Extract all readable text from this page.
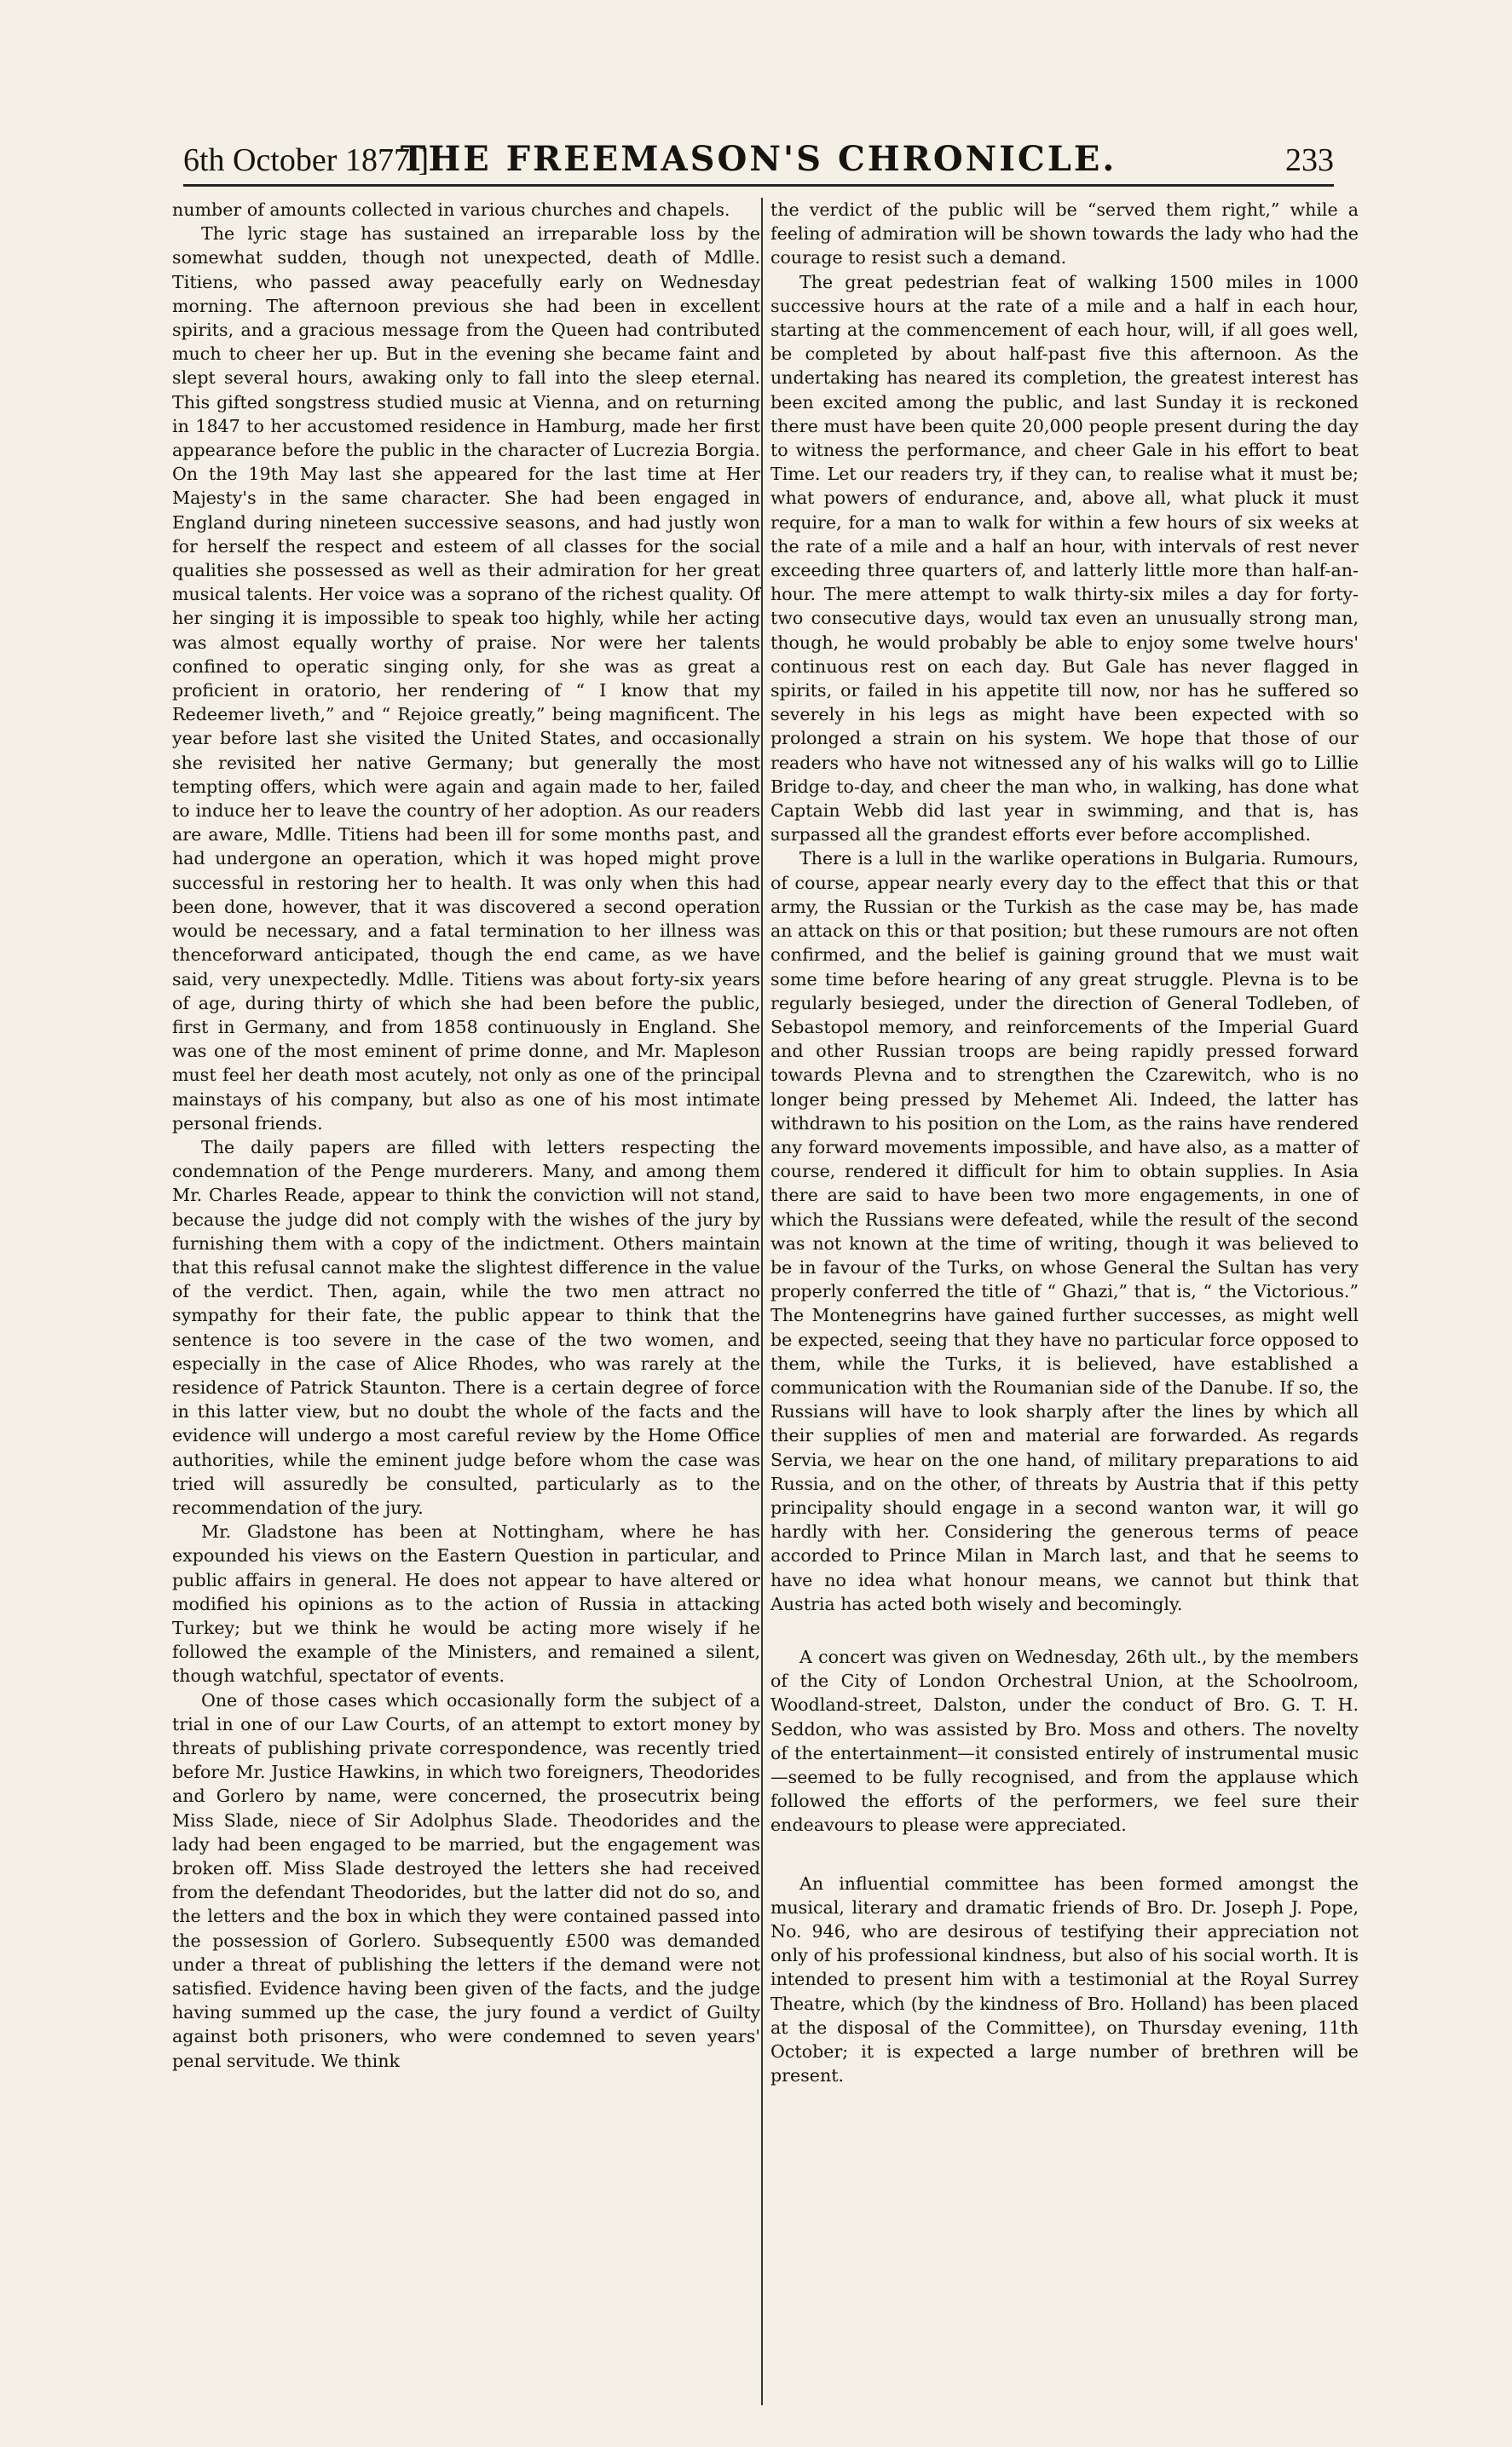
6th October 1877.]
THE FREEMASON'S CHRONICLE.	233

number of amounts collected in various churches and chapels.

The lyric stage has sustained an irreparable loss by the somewhat sudden, though not unexpected, death of Mdlle. Titiens, who passed away peacefully early on Wednesday morning. The afternoon previous she had been in excellent spirits, and a gracious message from the Queen had contributed much to cheer her up. But in the evening she became faint and slept several hours, awaking only to fall into the sleep eternal. This gifted songstress studied music at Vienna, and on returning in 1847 to her accustomed residence in Hamburg, made her first appearance before the public in the character of Lucrezia Borgia. On the 19th May last she appeared for the last time at Her Majesty's in the same character. She had been engaged in England during nineteen successive seasons, and had justly won for herself the respect and esteem of all classes for the social qualities she possessed as well as their admiration for her great musical talents. Her voice was a soprano of the richest quality. Of her singing it is impossible to speak too highly, while her acting was almost equally worthy of praise. Nor were her talents confined to operatic singing only, for she was as great a proficient in oratorio, her rendering of “ I know that my Redeemer liveth,” and “ Rejoice greatly,” being magnificent. The year before last she visited the United States, and occasionally she revisited her native Germany; but generally the most tempting offers, which were again and again made to her, failed to induce her to leave the country of her adoption. As our readers are aware, Mdlle. Titiens had been ill for some months past, and had undergone an operation, which it was hoped might prove successful in restoring her to health. It was only when this had been done, however, that it was discovered a second operation would be necessary, and a fatal termination to her illness was thenceforward anticipated, though the end came, as we have said, very unexpectedly. Mdlle. Titiens was about forty-six years of age, during thirty of which she had been before the public, first in Germany, and from 1858 continuously in England. She was one of the most eminent of prime donne, and Mr. Mapleson must feel her death most acutely, not only as one of the principal mainstays of his company, but also as one of his most intimate personal friends.

The daily papers are filled with letters respecting the condemnation of the Penge murderers. Many, and among them Mr. Charles Reade, appear to think the conviction will not stand, because the judge did not comply with the wishes of the jury by furnishing them with a copy of the indictment. Others maintain that this refusal cannot make the slightest difference in the value of the verdict. Then, again, while the two men attract no sympathy for their fate, the public appear to think that the sentence is too severe in the case of the two women, and especially in the case of Alice Rhodes, who was rarely at the residence of Patrick Staunton. There is a certain degree of force in this latter view, but no doubt the whole of the facts and the evidence will undergo a most careful review by the Home Office authorities, while the eminent judge before whom the case was tried will assuredly be consulted, particularly as to the recommendation of the jury.

Mr. Gladstone has been at Nottingham, where he has expounded his views on the Eastern Question in particular, and public affairs in general. He does not appear to have altered or modified his opinions as to the action of Russia in attacking Turkey; but we think he would be acting more wisely if he followed the example of the Ministers, and remained a silent, though watchful, spectator of events.

One of those cases which occasionally form the subject of a trial in one of our Law Courts, of an attempt to extort money by threats of publishing private correspondence, was recently tried before Mr. Justice Hawkins, in which two foreigners, Theodorides and Gorlero by name, were concerned, the prosecutrix being Miss Slade, niece of Sir Adolphus Slade. Theodorides and the lady had been engaged to be married, but the engagement was broken off. Miss Slade destroyed the letters she had received from the defendant Theodorides, but the latter did not do so, and the letters and the box in which they were contained passed into the possession of Gorlero. Subsequently £500 was demanded under a threat of publishing the letters if the demand were not satisfied. Evidence having been given of the facts, and the judge having summed up the case, the jury found a verdict of Guilty against both prisoners, who were condemned to seven years' penal servitude. We think

the verdict of the public will be “served them right,” while a feeling of admiration will be shown towards the lady who had the courage to resist such a demand.

The great pedestrian feat of walking 1500 miles in 1000 successive hours at the rate of a mile and a half in each hour, starting at the commencement of each hour, will, if all goes well, be completed by about half-past five this afternoon. As the undertaking has neared its completion, the greatest interest has been excited among the public, and last Sunday it is reckoned there must have been quite 20,000 people present during the day to witness the performance, and cheer Gale in his effort to beat Time. Let our readers try, if they can, to realise what it must be; what powers of endurance, and, above all, what pluck it must require, for a man to walk for within a few hours of six weeks at the rate of a mile and a half an hour, with intervals of rest never exceeding three quarters of, and latterly little more than half-an-hour. The mere attempt to walk thirty-six miles a day for forty-two consecutive days, would tax even an unusually strong man, though, he would probably be able to enjoy some twelve hours' continuous rest on each day. But Gale has never flagged in spirits, or failed in his appetite till now, nor has he suffered so severely in his legs as might have been expected with so prolonged a strain on his system. We hope that those of our readers who have not witnessed any of his walks will go to Lillie Bridge to-day, and cheer the man who, in walking, has done what Captain Webb did last year in swimming, and that is, has surpassed all the grandest efforts ever before accomplished.

There is a lull in the warlike operations in Bulgaria. Rumours, of course, appear nearly every day to the effect that this or that army, the Russian or the Turkish as the case may be, has made an attack on this or that position; but these rumours are not often confirmed, and the belief is gaining ground that we must wait some time before hearing of any great struggle. Plevna is to be regularly besieged, under the direction of General Todleben, of Sebastopol memory, and reinforcements of the Imperial Guard and other Russian troops are being rapidly pressed forward towards Plevna and to strengthen the Czarewitch, who is no longer being pressed by Mehemet Ali. Indeed, the latter has withdrawn to his position on the Lom, as the rains have rendered any forward movements impossible, and have also, as a matter of course, rendered it difficult for him to obtain supplies. In Asia there are said to have been two more engagements, in one of which the Russians were defeated, while the result of the second was not known at the time of writing, though it was believed to be in favour of the Turks, on whose General the Sultan has very properly conferred the title of “ Ghazi,” that is, “ the Victorious.” The Montenegrins have gained further successes, as might well be expected, seeing that they have no particular force opposed to them, while the Turks, it is believed, have established a communication with the Roumanian side of the Danube. If so, the Russians will have to look sharply after the lines by which all their supplies of men and material are forwarded. As regards Servia, we hear on the one hand, of military preparations to aid Russia, and on the other, of threats by Austria that if this petty principality should engage in a second wanton war, it will go hardly with her. Considering the generous terms of peace accorded to Prince Milan in March last, and that he seems to have no idea what honour means, we cannot but think that Austria has acted both wisely and becomingly.

A concert was given on Wednesday, 26th ult., by the members of the City of London Orchestral Union, at the Schoolroom, Woodland-street, Dalston, under the conduct of Bro. G. T. H. Seddon, who was assisted by Bro. Moss and others. The novelty of the entertainment—it consisted entirely of instrumental music—seemed to be fully recognised, and from the applause which followed the efforts of the performers, we feel sure their endeavours to please were appreciated.

An influential committee has been formed amongst the musical, literary and dramatic friends of Bro. Dr. Joseph J. Pope, No. 946, who are desirous of testifying their appreciation not only of his professional kindness, but also of his social worth. It is intended to present him with a testimonial at the Royal Surrey Theatre, which (by the kindness of Bro. Holland) has been placed at the disposal of the Committee), on Thursday evening, 11th October; it is expected a large number of brethren will be present.
